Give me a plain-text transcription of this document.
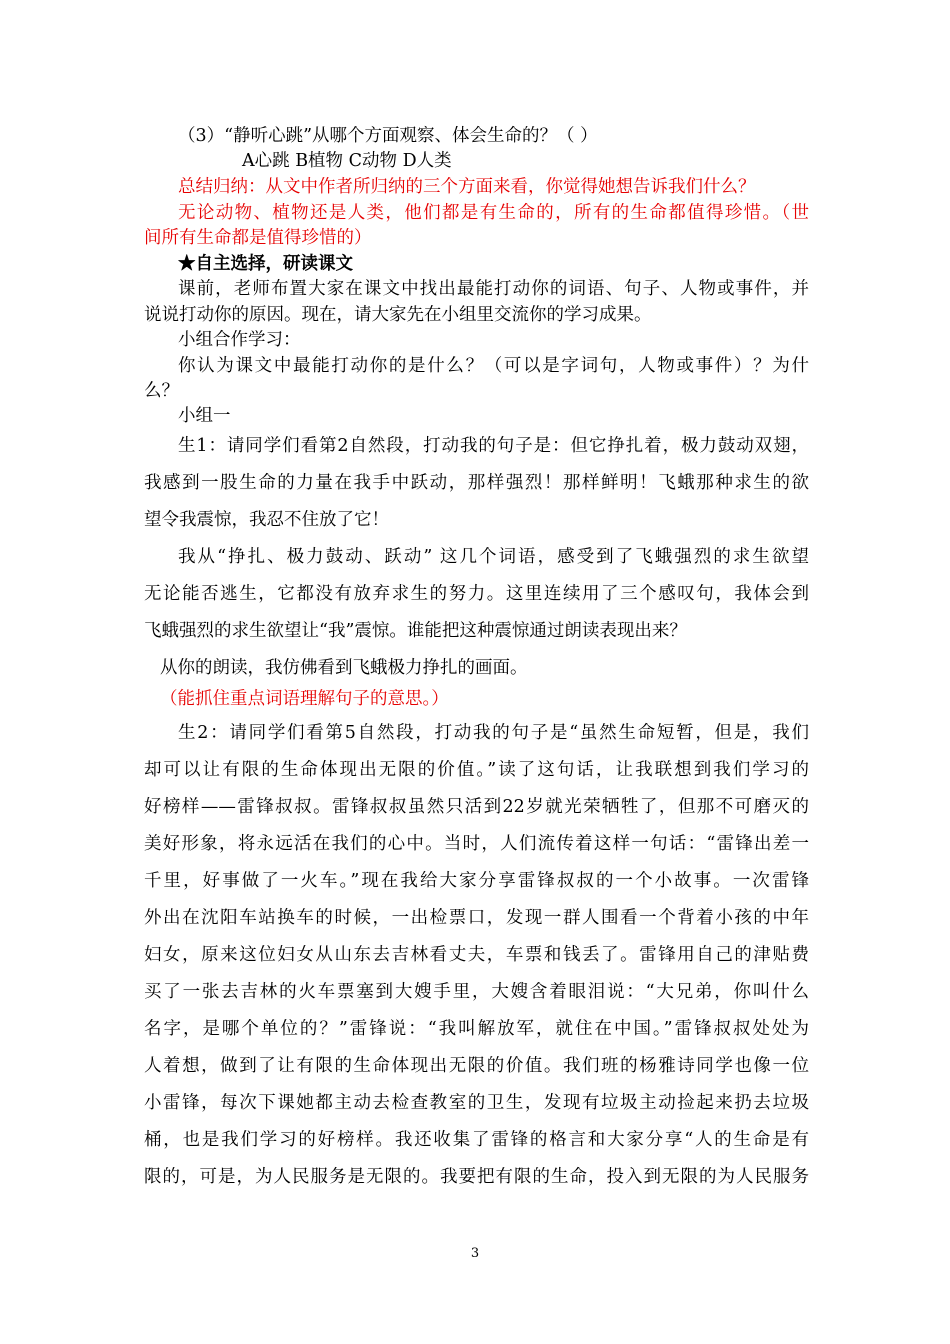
（3）“静听心跳”从哪个方面观察、体会生命的？（ ）

A心跳 B植物 C动物 D人类

总结归纳：从文中作者所归纳的三个方面来看，你觉得她想告诉我们什么？

无论动物、植物还是人类，他们都是有生命的，所有的生命都值得珍惜。（世

间所有生命都是值得珍惜的）

★自主选择，研读课文

课前，老师布置大家在课文中找出最能打动你的词语、句子、人物或事件，并

说说打动你的原因。现在，请大家先在小组里交流你的学习成果。

小组合作学习：

你认为课文中最能打动你的是什么？（可以是字词句，人物或事件）？为什

么？

小组一

生1：请同学们看第2自然段，打动我的句子是：但它挣扎着，极力鼓动双翅，

我感到一股生命的力量在我手中跃动，那样强烈！那样鲜明！飞蛾那种求生的欲

望令我震惊，我忍不住放了它！

我从“挣扎、极力鼓动、跃动” 这几个词语，感受到了飞蛾强烈的求生欲望

无论能否逃生，它都没有放弃求生的努力。这里连续用了三个感叹句，我体会到

飞蛾强烈的求生欲望让“我”震惊。谁能把这种震惊通过朗读表现出来？

从你的朗读，我仿佛看到飞蛾极力挣扎的画面。

（能抓住重点词语理解句子的意思。）

生2：请同学们看第5自然段，打动我的句子是“虽然生命短暂，但是，我们

却可以让有限的生命体现出无限的价值。”读了这句话，让我联想到我们学习的

好榜样——雷锋叔叔。雷锋叔叔虽然只活到22岁就光荣牺牲了，但那不可磨灭的

美好形象，将永远活在我们的心中。当时，人们流传着这样一句话：“雷锋出差一

千里，好事做了一火车。”现在我给大家分享雷锋叔叔的一个小故事。一次雷锋

外出在沈阳车站换车的时候，一出检票口，发现一群人围看一个背着小孩的中年

妇女，原来这位妇女从山东去吉林看丈夫，车票和钱丢了。雷锋用自己的津贴费

买了一张去吉林的火车票塞到大嫂手里，大嫂含着眼泪说：“大兄弟，你叫什么

名字，是哪个单位的？”雷锋说：“我叫解放军，就住在中国。”雷锋叔叔处处为

人着想，做到了让有限的生命体现出无限的价值。我们班的杨雅诗同学也像一位

小雷锋，每次下课她都主动去检查教室的卫生，发现有垃圾主动捡起来扔去垃圾

桶，也是我们学习的好榜样。我还收集了雷锋的格言和大家分享“人的生命是有

限的，可是，为人民服务是无限的。我要把有限的生命，投入到无限的为人民服务

3
